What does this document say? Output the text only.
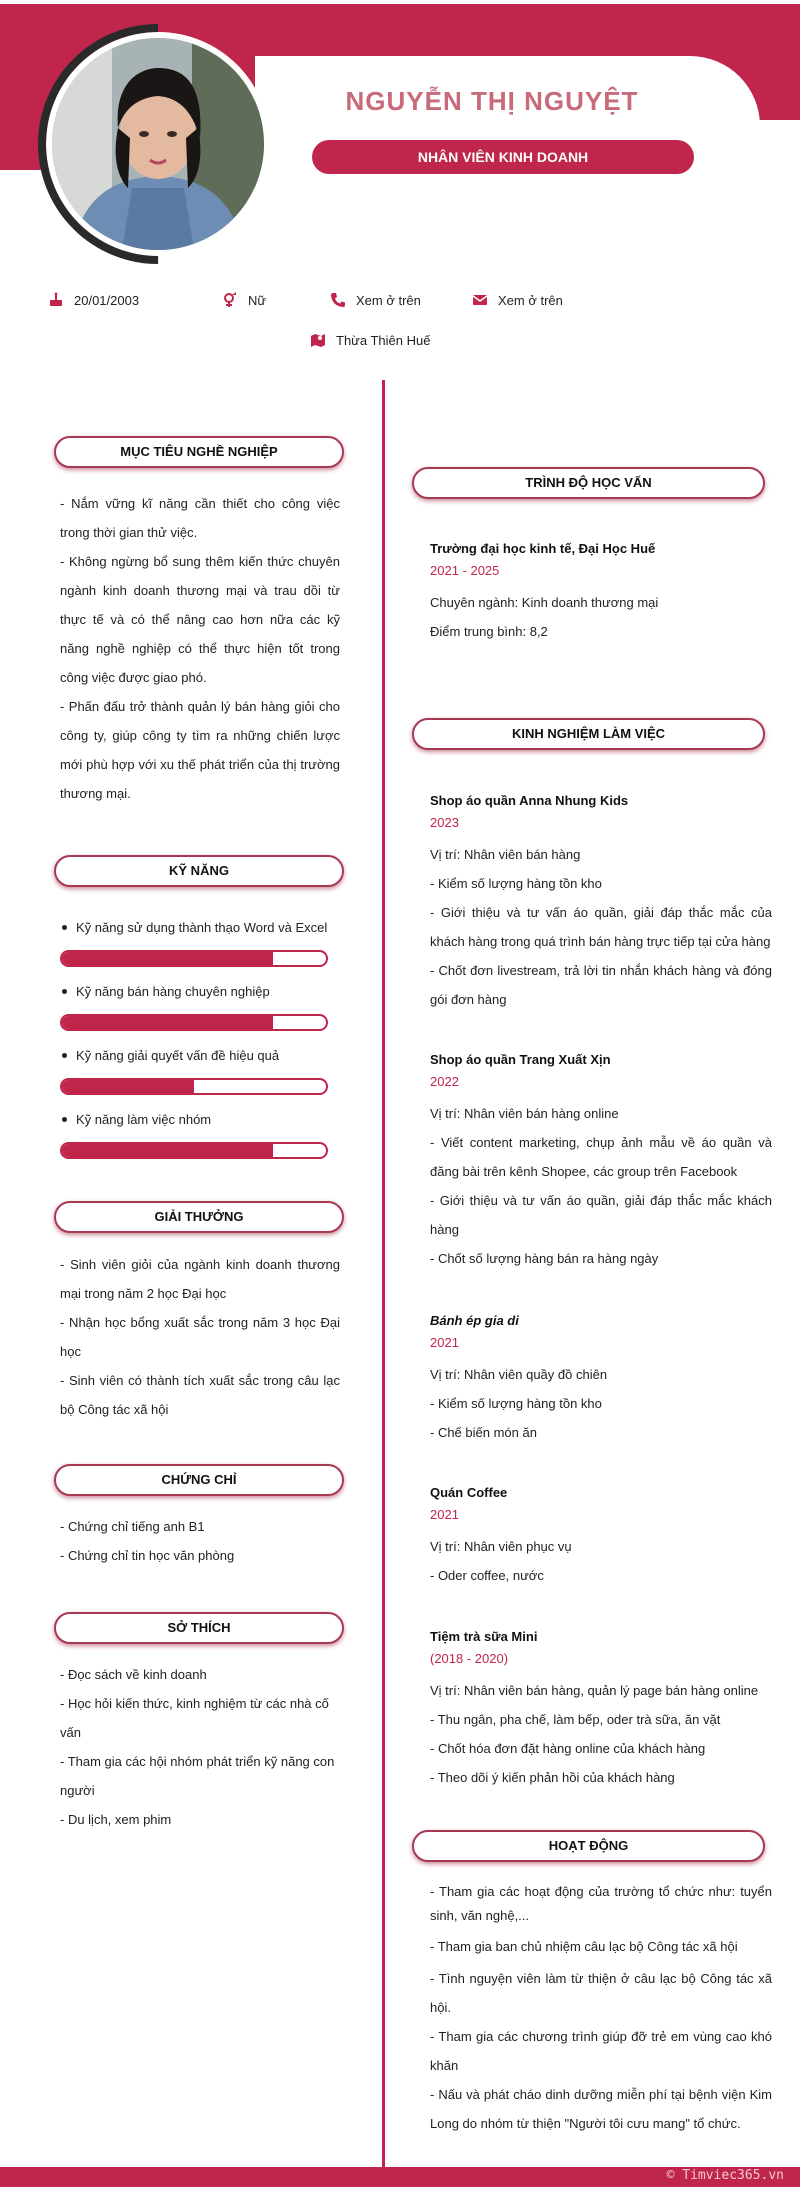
NGUYỄN THỊ NGUYỆT
NHÂN VIÊN KINH DOANH
20/01/2003	Nữ	Xem ở trên	Xem ở trên
Thừa Thiên Huế
MỤC TIÊU NGHỀ NGHIỆP

- Nắm vững kĩ năng cần thiết cho công việc trong thời gian thử việc.

- Không ngừng bổ sung thêm kiến thức chuyên ngành kinh doanh thương mại và trau dồi từ thực tế và có thể nâng cao hơn nữa các kỹ năng nghề nghiệp có thể thực hiện tốt trong công việc được giao phó.

- Phấn đấu trở thành quản lý bán hàng giỏi cho công ty, giúp công ty tìm ra những chiến lược mới phù hợp với xu thế phát triển của thị trường thương mại.

KỸ NĂNG
Kỹ năng sử dụng thành thạo Word và Excel
Kỹ năng bán hàng chuyên nghiệp
Kỹ năng giải quyết vấn đề hiệu quả
Kỹ năng làm việc nhóm
GIẢI THƯỞNG

- Sinh viên giỏi của ngành kinh doanh thương mại trong năm 2 học Đại học

- Nhận học bổng xuất sắc trong năm 3 học Đại học

- Sinh viên có thành tích xuất sắc trong câu lạc bộ Công tác xã hội

CHỨNG CHỈ

- Chứng chỉ tiếng anh B1

- Chứng chỉ tin học văn phòng

SỞ THÍCH

- Đọc sách về kinh doanh

- Học hỏi kiến thức, kinh nghiệm từ các nhà cố vấn

- Tham gia các hội nhóm phát triển kỹ năng con người

- Du lịch, xem phim

TRÌNH ĐỘ HỌC VẤN
Trường đại học kinh tế, Đại Học Huế
2021 - 2025

Chuyên ngành: Kinh doanh thương mại

Điểm trung bình: 8,2

KINH NGHIỆM LÀM VIỆC
Shop áo quần Anna Nhung Kids
2023

Vị trí: Nhân viên bán hàng

- Kiểm số lượng hàng tồn kho

- Giới thiệu và tư vấn áo quần, giải đáp thắc mắc của khách hàng trong quá trình bán hàng trực tiếp tại cửa hàng

- Chốt đơn livestream, trả lời tin nhắn khách hàng và đóng gói đơn hàng

Shop áo quần Trang Xuất Xịn
2022

Vị trí: Nhân viên bán hàng online

- Viết content marketing, chụp ảnh mẫu về áo quần và đăng bài trên kênh Shopee, các group trên Facebook

- Giới thiệu và tư vấn áo quần, giải đáp thắc mắc khách hàng

- Chốt số lượng hàng bán ra hàng ngày

Bánh ép gia di
2021

Vị trí: Nhân viên quầy đồ chiên

- Kiểm số lượng hàng tồn kho

- Chế biến món ăn

Quán Coffee
2021

Vị trí: Nhân viên phục vụ

- Oder coffee, nước

Tiệm trà sữa Mini
(2018 - 2020)

Vị trí: Nhân viên bán hàng, quản lý page bán hàng online

- Thu ngân, pha chế, làm bếp, oder trà sữa, ăn vặt

- Chốt hóa đơn đặt hàng online của khách hàng

- Theo dõi ý kiến phản hồi của khách hàng

HOẠT ĐỘNG

- Tham gia các hoạt động của trường tổ chức như: tuyển sinh, văn nghệ,...

- Tham gia ban chủ nhiệm câu lạc bộ Công tác xã hội

- Tình nguyện viên làm từ thiện ở câu lạc bộ Công tác xã hội.

- Tham gia các chương trình giúp đỡ trẻ em vùng cao khó khăn

- Nấu và phát cháo dinh dưỡng miễn phí tại bệnh viện Kim Long do nhóm từ thiện "Người tôi cưu mang" tổ chức.

© Timviec365.vn
